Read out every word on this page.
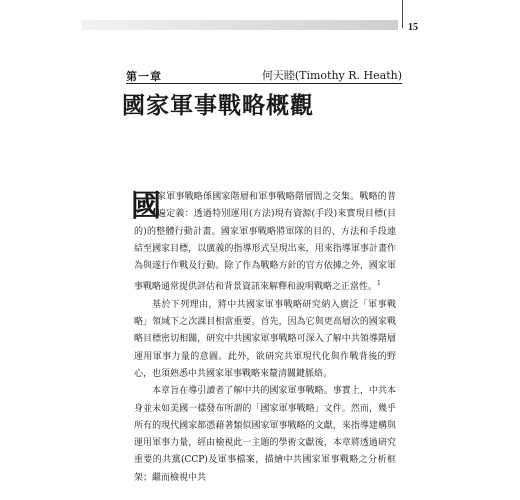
15
第一章	何天睦(Timothy R. Heath)
國家軍事戰略概觀

國
家軍事戰略係國家階層和軍事戰略階層間之交集。戰略的普遍定義：透過特別運用(方法)現有資源(手段)來實現目標(目的)的整體行動計畫。國家軍事戰略將軍隊的目的、方法和手段連結至國家目標，以廣義的指導形式呈現出來，用來指導軍事計畫作為與遂行作戰及行動。除了作為戰略方針的官方依據之外，國家軍事戰略通常提供評估和背景資訊來解釋和說明戰略之正當性。$^1$

基於下列理由，將中共國家軍事戰略研究納入廣泛「軍事戰略」領域下之次課目相當重要。首先，因為它與更高層次的國家戰略目標密切相關，研究中共國家軍事戰略可深入了解中共領導階層運用軍事力量的意圖。此外，欲研究共軍現代化與作戰背後的野心，也須熟悉中共國家軍事戰略來釐清關鍵脈絡。

本章旨在導引讀者了解中共的國家軍事戰略。事實上，中共本身並未如美國一樣發布所謂的「國家軍事戰略」文件。然而，幾乎所有的現代國家都憑藉著類似國家軍事戰略的文獻，來指導建構與運用軍事力量，經由檢視此一主題的學術文獻後，本章將透過研究重要的共黨(CCP)及軍事檔案，描繪中共國家軍事戰略之分析框架；繼而檢視中共
